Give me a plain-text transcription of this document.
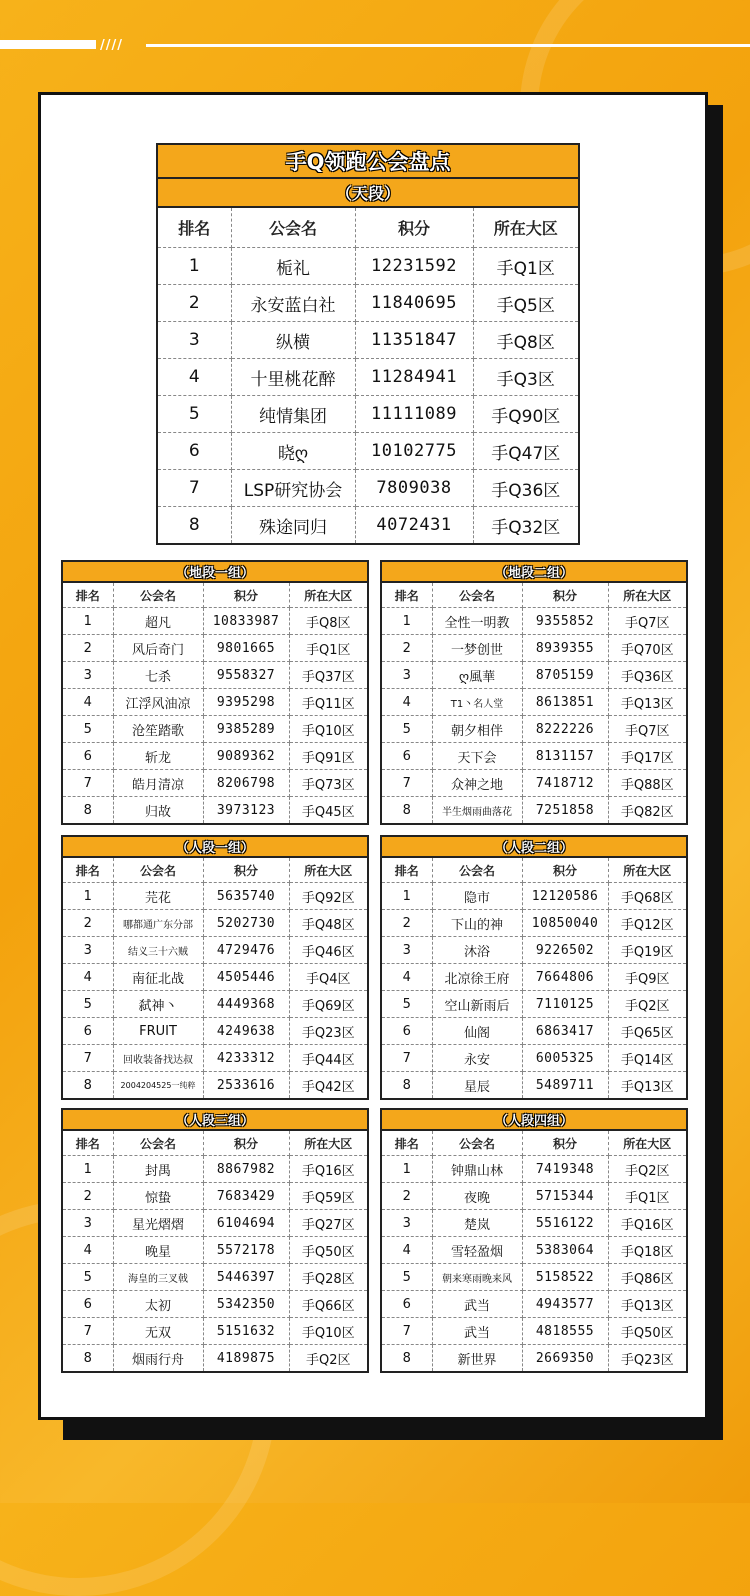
////
手Q领跑公会盘点			
（天段）			
排名	公会名	积分	所在大区
1	栀礼	12231592	手Q1区
2	永安蓝白社	11840695	手Q5区
3	纵横	11351847	手Q8区
4	十里桃花醉	11284941	手Q3区
5	纯情集团	11111089	手Q90区
6	晓ღ	10102775	手Q47区
7	LSP研究协会	7809038	手Q36区
8	殊途同归	4072431	手Q32区
（地段一组）			
排名	公会名	积分	所在大区
1	超凡	10833987	手Q8区
2	风后奇门	9801665	手Q1区
3	七杀	9558327	手Q37区
4	江浮风油凉	9395298	手Q11区
5	沧笙踏歌	9385289	手Q10区
6	斩龙	9089362	手Q91区
7	皓月清凉	8206798	手Q73区
8	归故	3973123	手Q45区
（地段二组）			
排名	公会名	积分	所在大区
1	全性一明教	9355852	手Q7区
2	一梦创世	8939355	手Q70区
3	ღ風華	8705159	手Q36区
4	T1丶名人堂	8613851	手Q13区
5	朝夕相伴	8222226	手Q7区
6	天下会	8131157	手Q17区
7	众神之地	7418712	手Q88区
8	半生烟雨曲落花	7251858	手Q82区
（人段一组）			
排名	公会名	积分	所在大区
1	芫花	5635740	手Q92区
2	哪都通广东分部	5202730	手Q48区
3	结义三十六贼	4729476	手Q46区
4	南征北战	4505446	手Q4区
5	弑神丶	4449368	手Q69区
6	FRUIT	4249638	手Q23区
7	回收装备找达叔	4233312	手Q44区
8	2004204525一纯粹	2533616	手Q42区
（人段二组）			
排名	公会名	积分	所在大区
1	隐市	12120586	手Q68区
2	下山的神	10850040	手Q12区
3	沐浴	9226502	手Q19区
4	北凉徐王府	7664806	手Q9区
5	空山新雨后	7110125	手Q2区
6	仙阁	6863417	手Q65区
7	永安	6005325	手Q14区
8	星辰	5489711	手Q13区
（人段三组）			
排名	公会名	积分	所在大区
1	封禺	8867982	手Q16区
2	惊蛰	7683429	手Q59区
3	星光熠熠	6104694	手Q27区
4	晚星	5572178	手Q50区
5	海皇的三叉戟	5446397	手Q28区
6	太初	5342350	手Q66区
7	无双	5151632	手Q10区
8	烟雨行舟	4189875	手Q2区
（人段四组）			
排名	公会名	积分	所在大区
1	钟鼎山林	7419348	手Q2区
2	夜晚	5715344	手Q1区
3	楚岚	5516122	手Q16区
4	雪轻盈烟	5383064	手Q18区
5	朝来寒雨晚来风	5158522	手Q86区
6	武当	4943577	手Q13区
7	武当	4818555	手Q50区
8	新世界	2669350	手Q23区
